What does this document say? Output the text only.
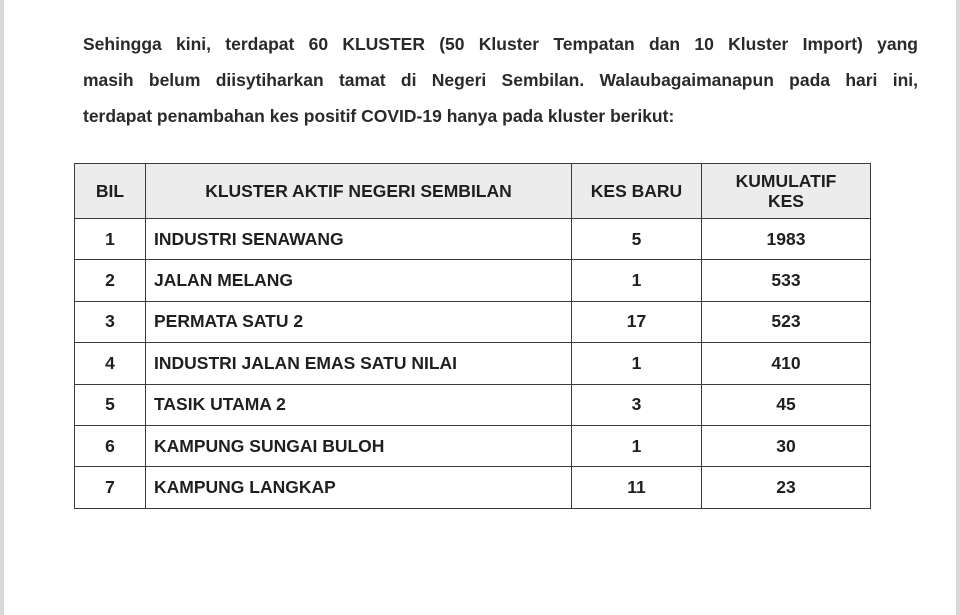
Sehingga kini, terdapat 60 KLUSTER (50 Kluster Tempatan dan 10 Kluster Import) yang
masih belum diisytiharkan tamat di Negeri Sembilan. Walaubagaimanapun pada hari ini,
terdapat penambahan kes positif COVID-19 hanya pada kluster berikut:
BIL	KLUSTER AKTIF NEGERI SEMBILAN	KES BARU	KUMULATIF
KES
1	INDUSTRI SENAWANG	5	1983
2	JALAN MELANG	1	533
3	PERMATA SATU 2	17	523
4	INDUSTRI JALAN EMAS SATU NILAI	1	410
5	TASIK UTAMA 2	3	45
6	KAMPUNG SUNGAI BULOH	1	30
7	KAMPUNG LANGKAP	11	23
